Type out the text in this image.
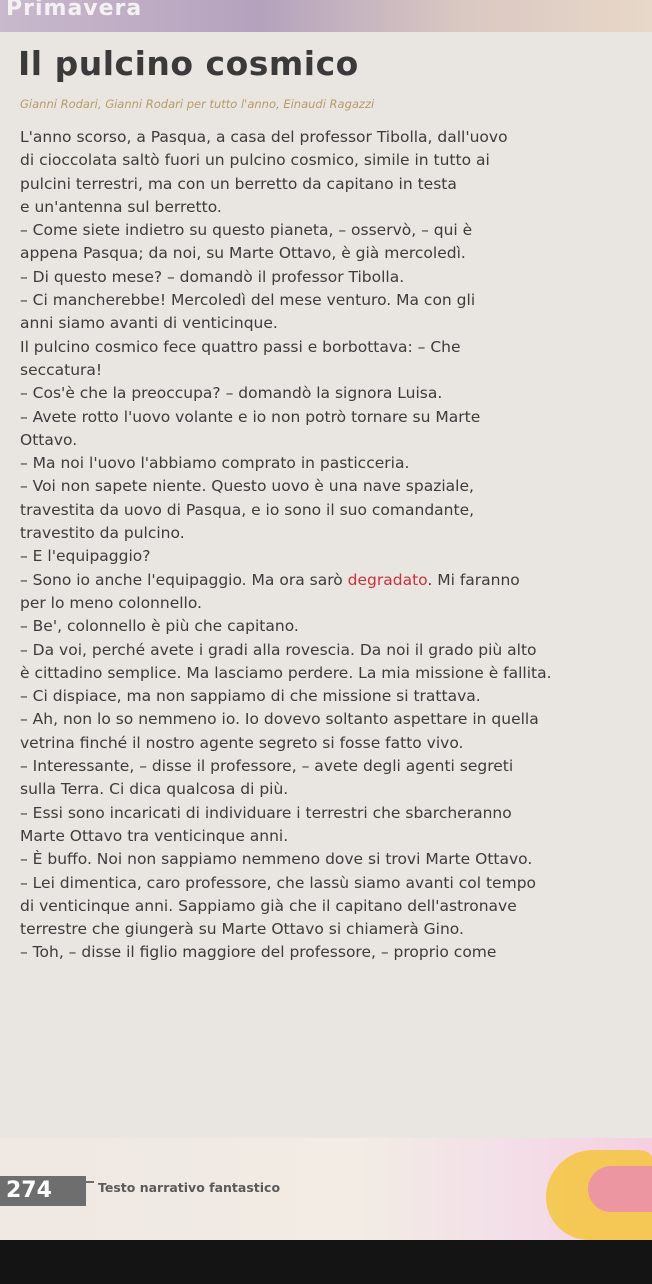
Primavera
Il pulcino cosmico
Gianni Rodari, Gianni Rodari per tutto l'anno, Einaudi Ragazzi
L'anno scorso, a Pasqua, a casa del professor Tibolla, dall'uovo
di cioccolata saltò fuori un pulcino cosmico, simile in tutto ai
pulcini terrestri, ma con un berretto da capitano in testa
e un'antenna sul berretto.
– Come siete indietro su questo pianeta, – osservò, – qui è
appena Pasqua; da noi, su Marte Ottavo, è già mercoledì.
– Di questo mese? – domandò il professor Tibolla.
– Ci mancherebbe! Mercoledì del mese venturo. Ma con gli
anni siamo avanti di venticinque.
Il pulcino cosmico fece quattro passi e borbottava: – Che
seccatura!
– Cos'è che la preoccupa? – domandò la signora Luisa.
– Avete rotto l'uovo volante e io non potrò tornare su Marte
Ottavo.
– Ma noi l'uovo l'abbiamo comprato in pasticceria.
– Voi non sapete niente. Questo uovo è una nave spaziale,
travestita da uovo di Pasqua, e io sono il suo comandante,
travestito da pulcino.
– E l'equipaggio?
– Sono io anche l'equipaggio. Ma ora sarò degradato. Mi faranno
per lo meno colonnello.
– Be', colonnello è più che capitano.
– Da voi, perché avete i gradi alla rovescia. Da noi il grado più alto
è cittadino semplice. Ma lasciamo perdere. La mia missione è fallita.
– Ci dispiace, ma non sappiamo di che missione si trattava.
– Ah, non lo so nemmeno io. Io dovevo soltanto aspettare in quella
vetrina finché il nostro agente segreto si fosse fatto vivo.
– Interessante, – disse il professore, – avete degli agenti segreti
sulla Terra. Ci dica qualcosa di più.
– Essi sono incaricati di individuare i terrestri che sbarcheranno
Marte Ottavo tra venticinque anni.
– È buffo. Noi non sappiamo nemmeno dove si trovi Marte Ottavo.
– Lei dimentica, caro professore, che lassù siamo avanti col tempo
di venticinque anni. Sappiamo già che il capitano dell'astronave
terrestre che giungerà su Marte Ottavo si chiamerà Gino.
– Toh, – disse il figlio maggiore del professore, – proprio come
274	Testo narrativo fantastico
